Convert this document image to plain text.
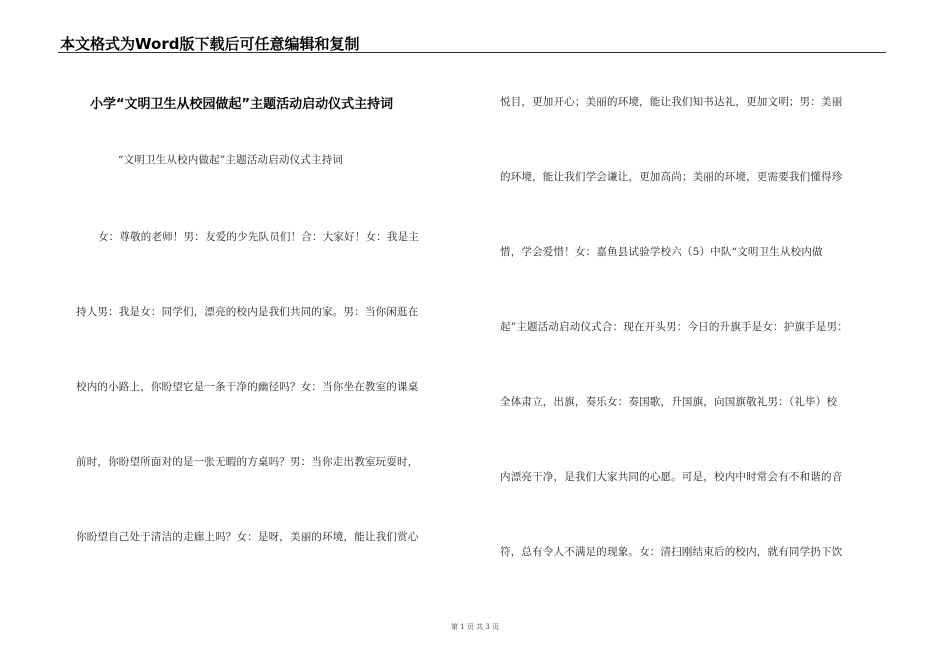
本文格式为Word版下载后可任意编辑和复制
小学“文明卫生从校园做起”主题活动启动仪式主持词
“文明卫生从校内做起”主题活动启动仪式主持词
女：尊敬的老师！男：友爱的少先队员们！合：大家好！女：我是主
持人男：我是女：同学们，漂亮的校内是我们共同的家。男：当你闲逛在
校内的小路上，你盼望它是一条干净的幽径吗？女：当你坐在教室的课桌
前时，你盼望所面对的是一张无暇的方桌吗？男：当你走出教室玩耍时，
你盼望自己处于清洁的走廊上吗？女：是呀，美丽的环境，能让我们赏心
悦目，更加开心；美丽的环境，能让我们知书达礼，更加文明；男：美丽
的环境，能让我们学会谦让，更加高尚；美丽的环境，更需要我们懂得珍
惜，学会爱惜！女：嘉鱼县试验学校六（5）中队“文明卫生从校内做
起”主题活动启动仪式合：现在开头男：今日的升旗手是女：护旗手是男：
全体肃立，出旗，奏乐女：奏国歌，升国旗，向国旗敬礼男：（礼毕）校
内漂亮干净，是我们大家共同的心愿。可是，校内中时常会有不和谐的音
符，总有令人不满足的现象。女：清扫刚结束后的校内，就有同学扔下饮
第 1 页 共 3 页
